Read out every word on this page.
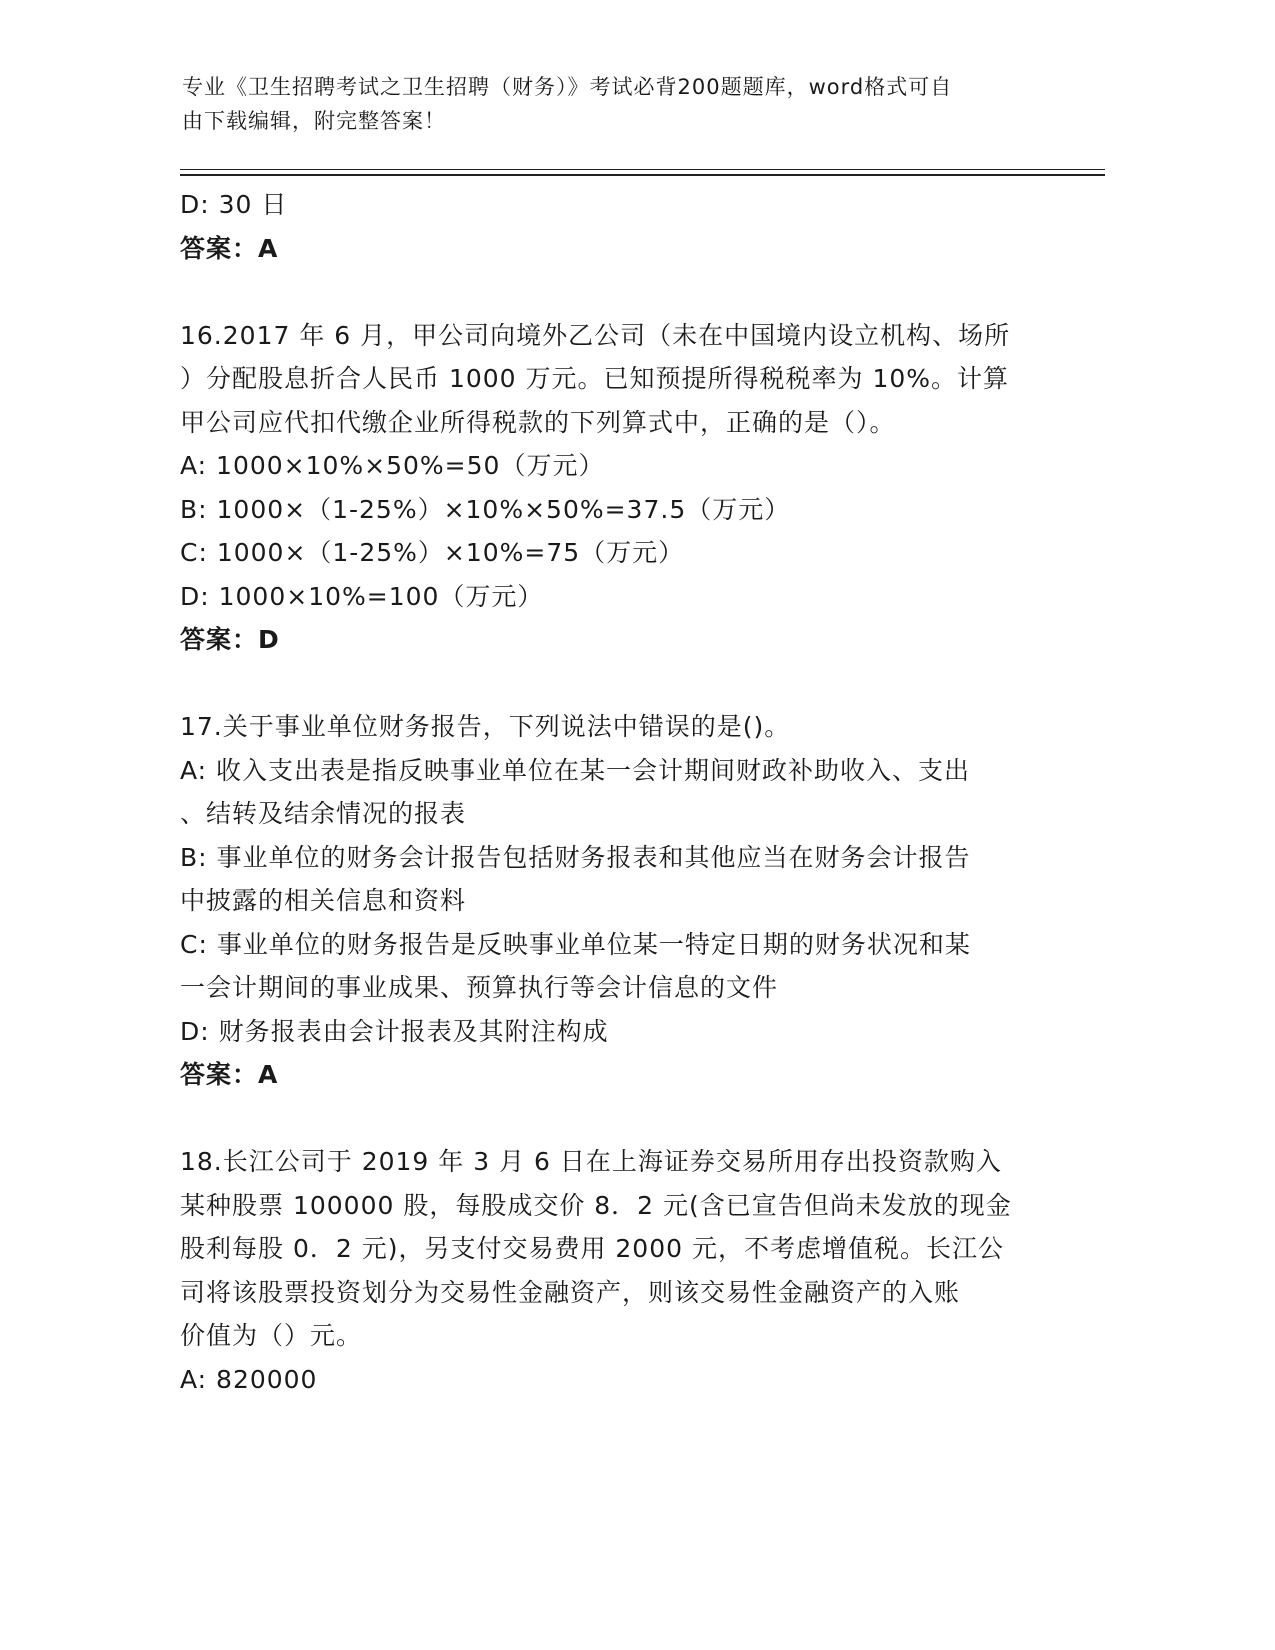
专业《卫生招聘考试之卫生招聘（财务）》考试必背200题题库，word格式可自
由下载编辑，附完整答案！
D: 30 日
答案：A
16.2017 年 6 月，甲公司向境外乙公司（未在中国境内设立机构、场所
）分配股息折合人民币 1000 万元。已知预提所得税税率为 10%。计算
甲公司应代扣代缴企业所得税款的下列算式中，正确的是（）。
A: 1000×10%×50%=50（万元）
B: 1000×（1-25%）×10%×50%=37.5（万元）
C: 1000×（1-25%）×10%=75（万元）
D: 1000×10%=100（万元）
答案：D
17.关于事业单位财务报告，下列说法中错误的是()。
A: 收入支出表是指反映事业单位在某一会计期间财政补助收入、支出
、结转及结余情况的报表
B: 事业单位的财务会计报告包括财务报表和其他应当在财务会计报告
中披露的相关信息和资料
C: 事业单位的财务报告是反映事业单位某一特定日期的财务状况和某
一会计期间的事业成果、预算执行等会计信息的文件
D: 财务报表由会计报表及其附注构成
答案：A
18.长江公司于 2019 年 3 月 6 日在上海证券交易所用存出投资款购入
某种股票 100000 股，每股成交价 8．2 元(含已宣告但尚未发放的现金
股利每股 0．2 元)，另支付交易费用 2000 元，不考虑增值税。长江公
司将该股票投资划分为交易性金融资产，则该交易性金融资产的入账
价值为（）元。
A: 820000
